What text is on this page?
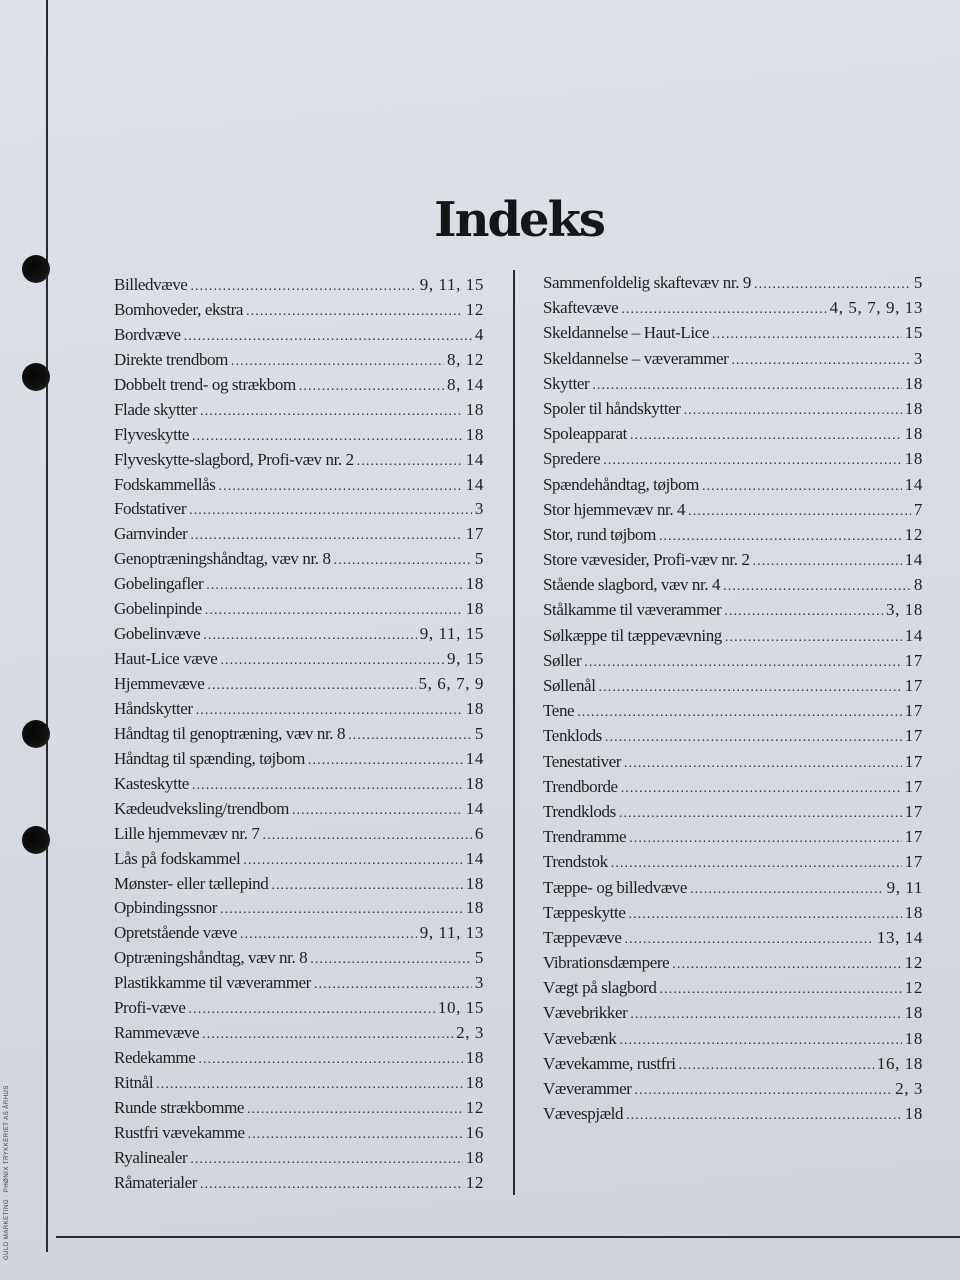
GULD MARKETING · PHØNIX TRYKKERIET AS ÅRHUS
Indeks
Billedvæve . . .	9, 11, 15
Bomhoveder, ekstra . . .	12
Bordvæve . . .	4
Direkte trendbom . . .	8, 12
Dobbelt trend- og strækbom . . .	8, 14
Flade skytter . . .	18
Flyveskytte . . .	18
Flyveskytte-slagbord, Profi-væv nr. 2 . . .	14
Fodskammellås . . .	14
Fodstativer . . .	3
Garnvinder . . .	17
Genoptræningshåndtag, væv nr. 8 . . .	5
Gobelingafler . . .	18
Gobelinpinde . . .	18
Gobelinvæve . . .	9, 11, 15
Haut-Lice væve . . .	9, 15
Hjemmevæve . . .	5, 6, 7, 9
Håndskytter . . .	18
Håndtag til genoptræning, væv nr. 8 . . .	5
Håndtag til spænding, tøjbom . . .	14
Kasteskytte . . .	18
Kædeudveksling/trendbom . . .	14
Lille hjemmevæv nr. 7 . . .	6
Lås på fodskammel . . .	14
Mønster- eller tællepind . . .	18
Opbindingssnor . . .	18
Opretstående væve . . .	9, 11, 13
Optræningshåndtag, væv nr. 8 . . .	5
Plastikkamme til væverammer . . .	3
Profi-væve . . .	10, 15
Rammevæve . . .	2, 3
Redekamme . . .	18
Ritnål . . .	18
Runde strækbomme . . .	12
Rustfri vævekamme . . .	16
Ryalinealer . . .	18
Råmaterialer . . .	12
Sammenfoldelig skaftevæv nr. 9 . . .	5
Skaftevæve . . .	4, 5, 7, 9, 13
Skeldannelse – Haut-Lice . . .	15
Skeldannelse – væverammer . . .	3
Skytter . . .	18
Spoler til håndskytter . . .	18
Spoleapparat . . .	18
Spredere . . .	18
Spændehåndtag, tøjbom . . .	14
Stor hjemmevæv nr. 4 . . .	7
Stor, rund tøjbom . . .	12
Store vævesider, Profi-væv nr. 2 . . .	14
Stående slagbord, væv nr. 4 . . .	8
Stålkamme til væverammer . . .	3, 18
Sølkæppe til tæppevævning . . .	14
Søller . . .	17
Søllenål . . .	17
Tene . . .	17
Tenklods . . .	17
Tenestativer . . .	17
Trendborde . . .	17
Trendklods . . .	17
Trendramme . . .	17
Trendstok . . .	17
Tæppe- og billedvæve . . .	9, 11
Tæppeskytte . . .	18
Tæppevæve . . .	13, 14
Vibrationsdæmpere . . .	12
Vægt på slagbord . . .	12
Vævebrikker . . .	18
Vævebænk . . .	18
Vævekamme, rustfri . . .	16, 18
Væverammer . . .	2, 3
Vævespjæld . . .	18
